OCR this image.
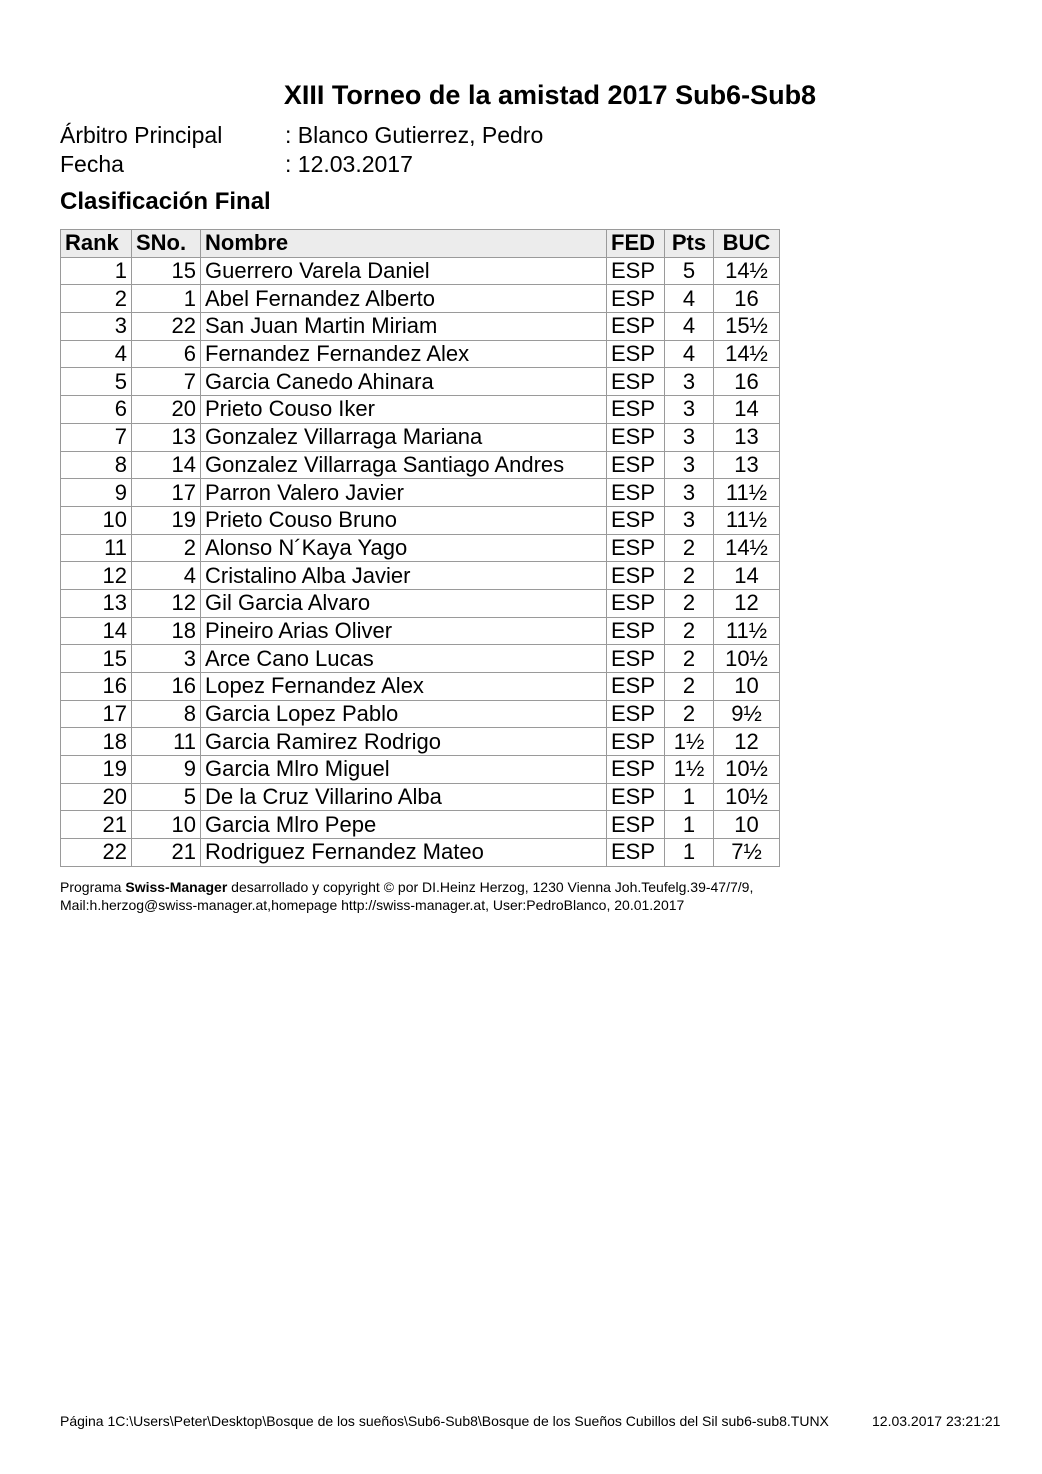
XIII Torneo de la amistad 2017 Sub6-Sub8
Árbitro Principal	: Blanco Gutierrez, Pedro
Fecha	: 12.03.2017
Clasificación Final
Rank	SNo.	Nombre	FED	Pts	BUC
1	15	Guerrero Varela Daniel	ESP	5	14½
2	1	Abel Fernandez Alberto	ESP	4	16
3	22	San Juan Martin Miriam	ESP	4	15½
4	6	Fernandez Fernandez Alex	ESP	4	14½
5	7	Garcia Canedo Ahinara	ESP	3	16
6	20	Prieto Couso Iker	ESP	3	14
7	13	Gonzalez Villarraga Mariana	ESP	3	13
8	14	Gonzalez Villarraga Santiago Andres	ESP	3	13
9	17	Parron Valero Javier	ESP	3	11½
10	19	Prieto Couso Bruno	ESP	3	11½
11	2	Alonso N´Kaya Yago	ESP	2	14½
12	4	Cristalino Alba Javier	ESP	2	14
13	12	Gil Garcia Alvaro	ESP	2	12
14	18	Pineiro Arias Oliver	ESP	2	11½
15	3	Arce Cano Lucas	ESP	2	10½
16	16	Lopez Fernandez Alex	ESP	2	10
17	8	Garcia Lopez Pablo	ESP	2	9½
18	11	Garcia Ramirez Rodrigo	ESP	1½	12
19	9	Garcia Mlro Miguel	ESP	1½	10½
20	5	De la Cruz Villarino Alba	ESP	1	10½
21	10	Garcia Mlro Pepe	ESP	1	10
22	21	Rodriguez Fernandez Mateo	ESP	1	7½
Programa Swiss-Manager desarrollado y copyright © por DI.Heinz Herzog, 1230 Vienna Joh.Teufelg.39-47/7/9,
Mail:h.herzog@swiss-manager.at,homepage http://swiss-manager.at, User:PedroBlanco, 20.01.2017
Página 1C:\Users\Peter\Desktop\Bosque de los sueños\Sub6-Sub8\Bosque de los Sueños Cubillos del Sil sub6-sub8.TUNX	12.03.2017 23:21:21
